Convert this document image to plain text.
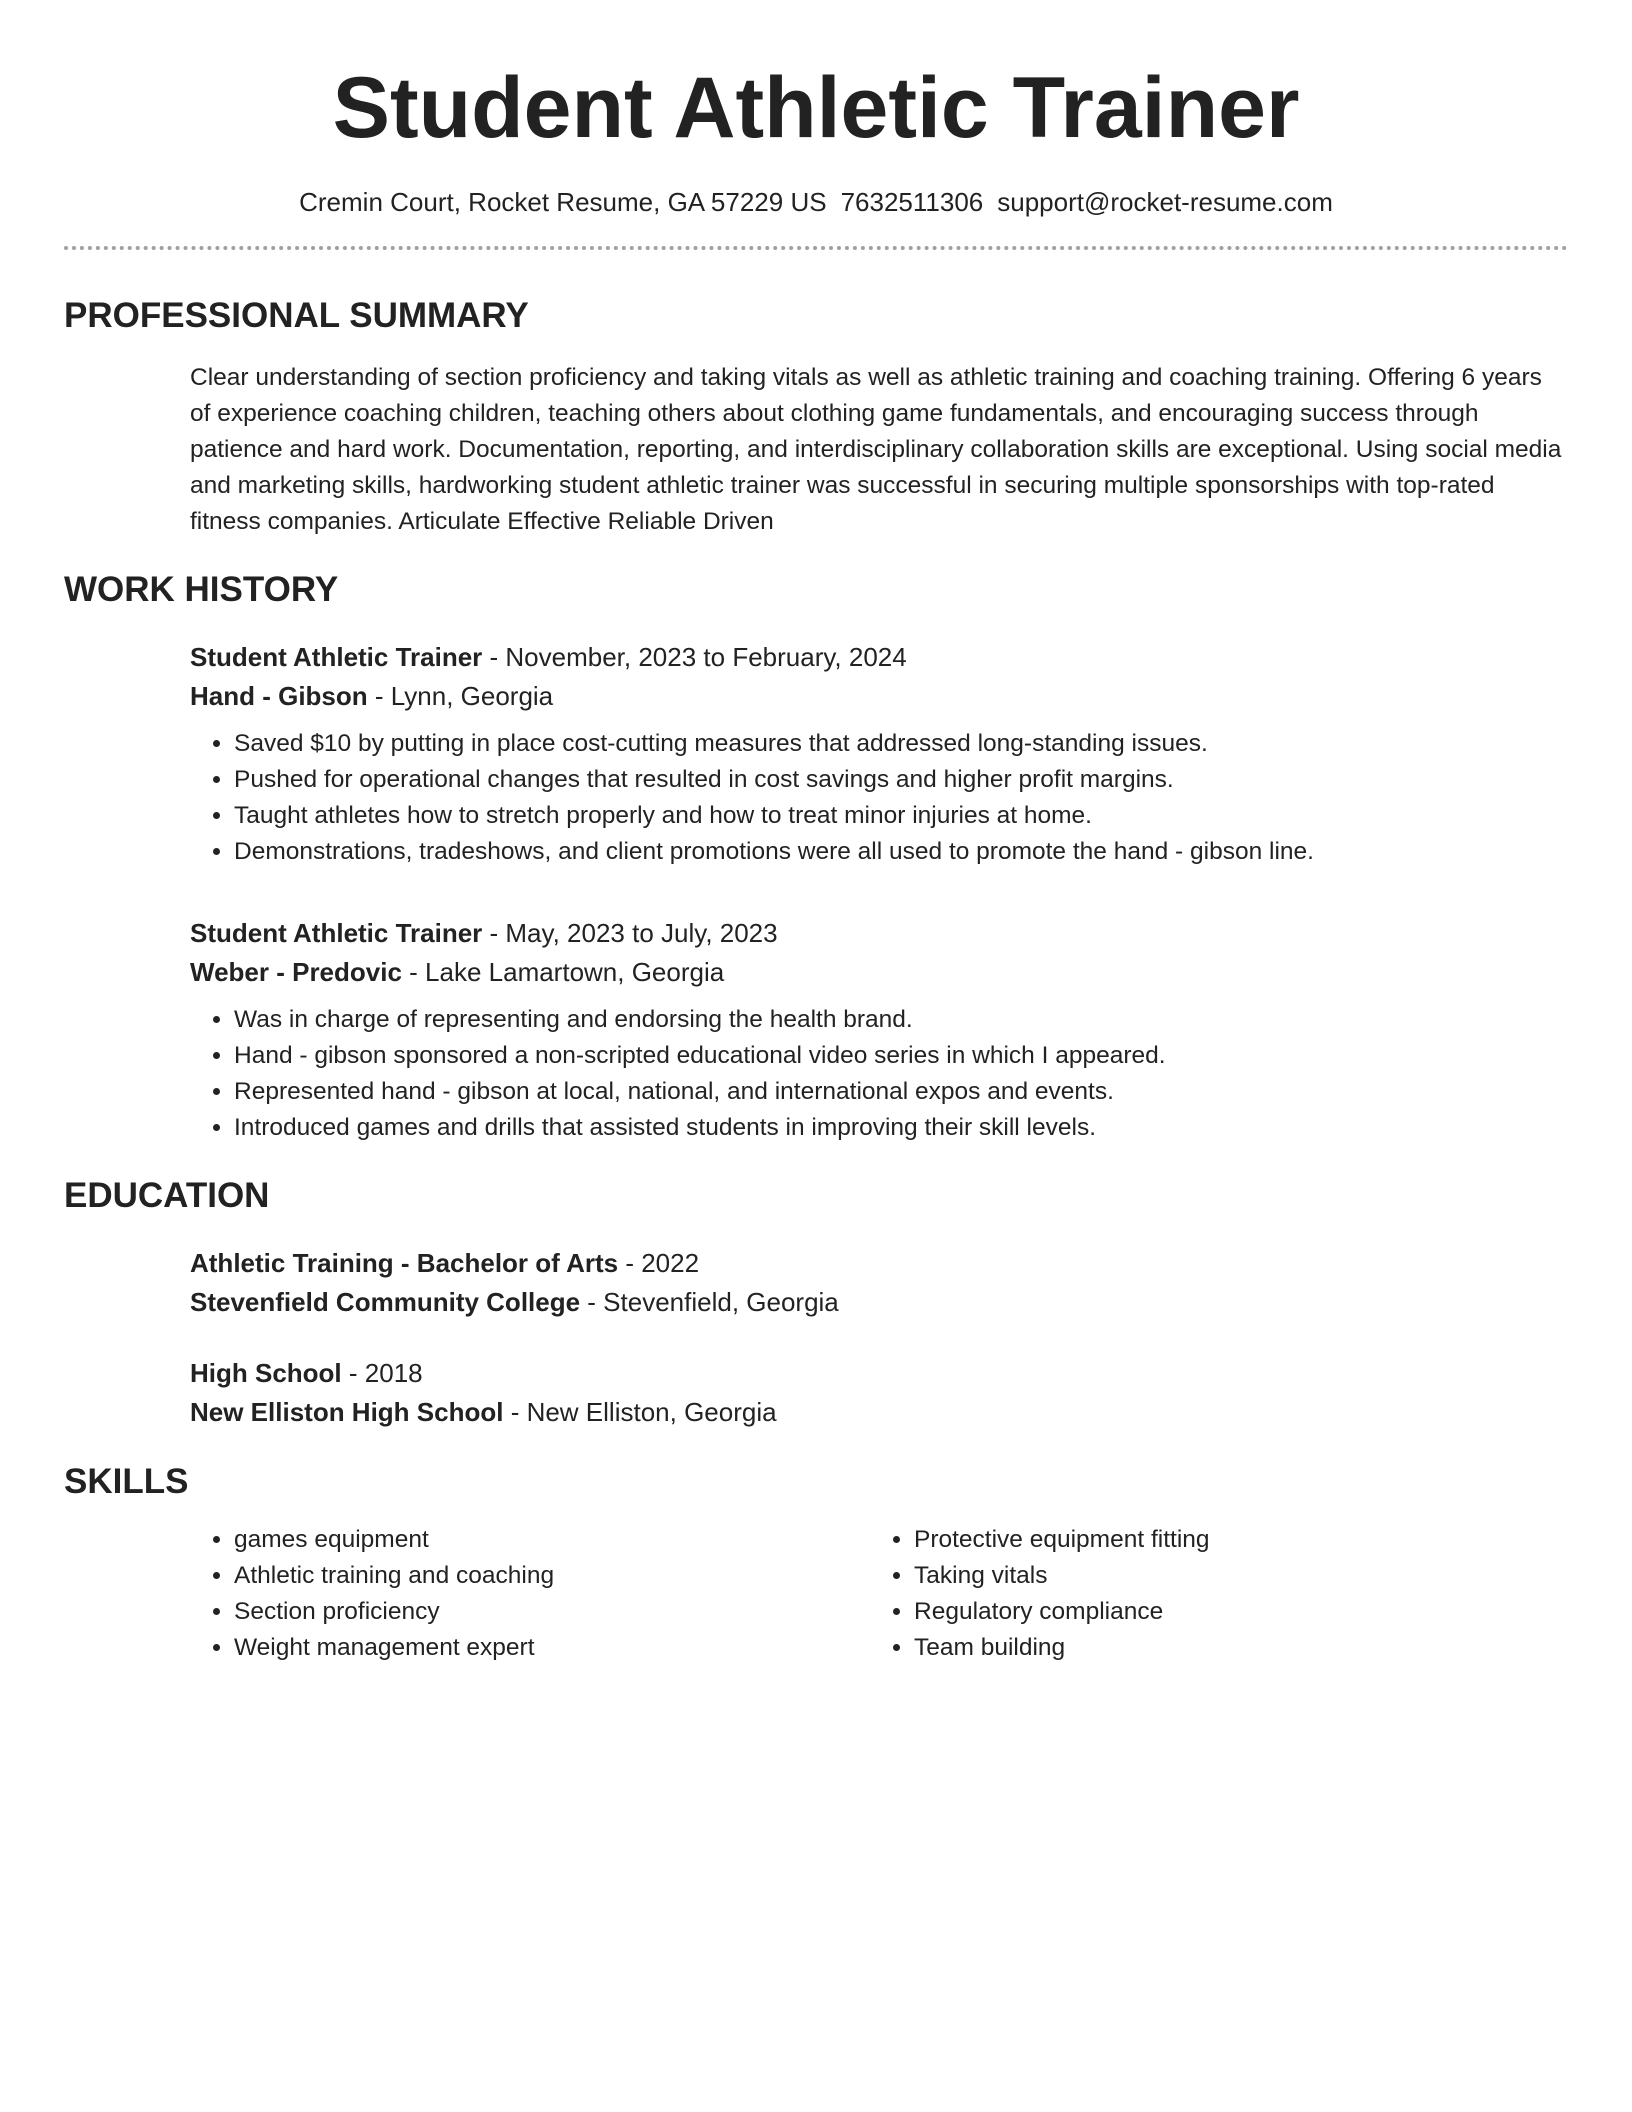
Student Athletic Trainer
Cremin Court, Rocket Resume, GA 57229 US 7632511306 support@rocket-resume.com
PROFESSIONAL SUMMARY

Clear understanding of section proficiency and taking vitals as well as athletic training and coaching training. Offering 6 years of experience coaching children, teaching others about clothing game fundamentals, and encouraging success through patience and hard work. Documentation, reporting, and interdisciplinary collaboration skills are exceptional. Using social media and marketing skills, hardworking student athletic trainer was successful in securing multiple sponsorships with top-rated fitness companies. Articulate Effective Reliable Driven

WORK HISTORY
Student Athletic Trainer - November, 2023 to February, 2024
Hand - Gibson - Lynn, Georgia
• Saved $10 by putting in place cost-cutting measures that addressed long-standing issues.
• Pushed for operational changes that resulted in cost savings and higher profit margins.
• Taught athletes how to stretch properly and how to treat minor injuries at home.
• Demonstrations, tradeshows, and client promotions were all used to promote the hand - gibson line.
Student Athletic Trainer - May, 2023 to July, 2023
Weber - Predovic - Lake Lamartown, Georgia
• Was in charge of representing and endorsing the health brand.
• Hand - gibson sponsored a non-scripted educational video series in which I appeared.
• Represented hand - gibson at local, national, and international expos and events.
• Introduced games and drills that assisted students in improving their skill levels.
EDUCATION
Athletic Training - Bachelor of Arts - 2022
Stevenfield Community College - Stevenfield, Georgia
High School - 2018
New Elliston High School - New Elliston, Georgia
SKILLS
• games equipment
• Athletic training and coaching
• Section proficiency
• Weight management expert
• Protective equipment fitting
• Taking vitals
• Regulatory compliance
• Team building
